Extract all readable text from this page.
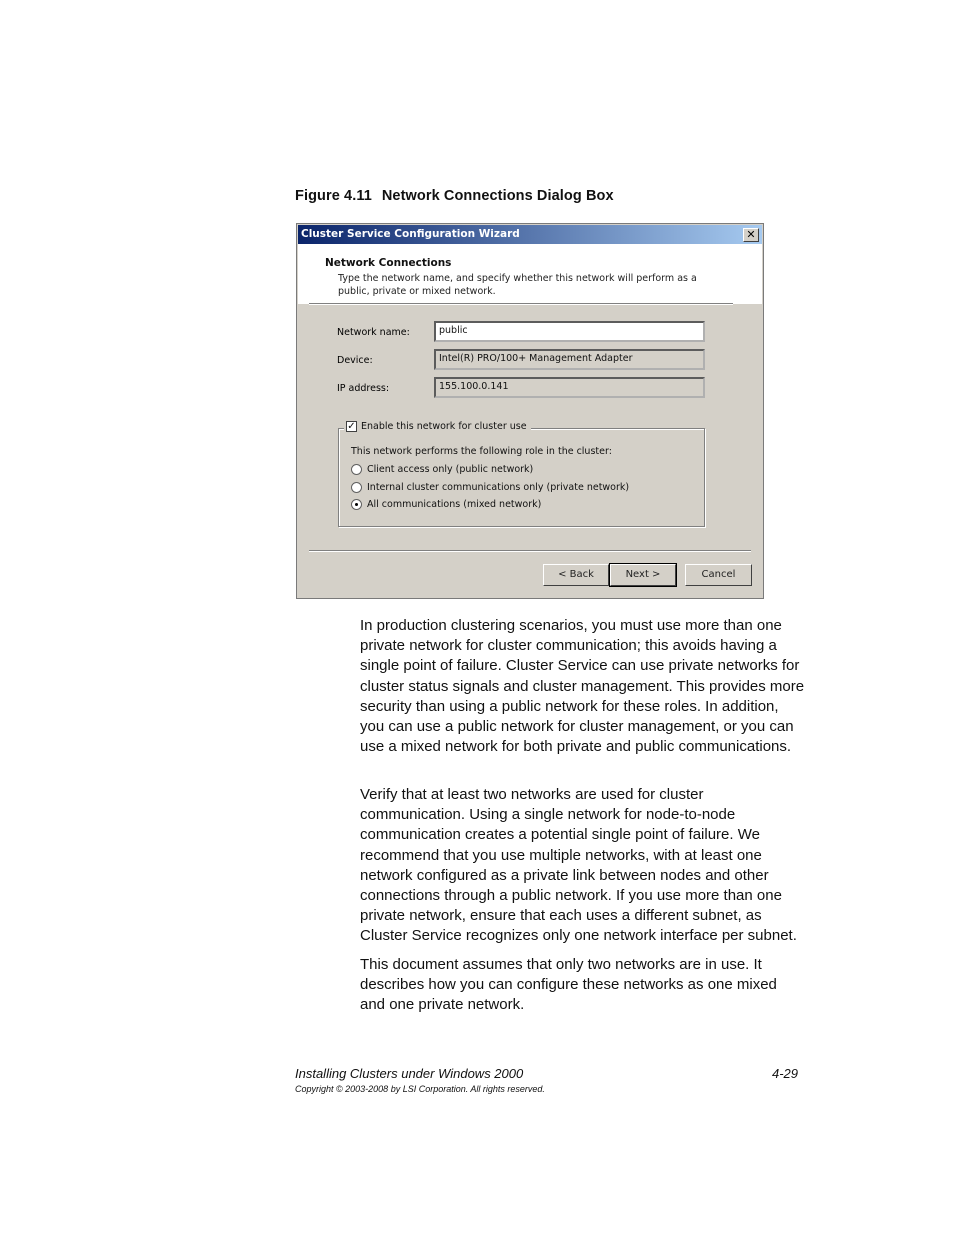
Figure 4.11 Network Connections Dialog Box
Cluster Service Configuration Wizard	✕
Network Connections
Type the network name, and specify whether this network will perform as a public, private or mixed network.
Network name:	public
Device:	Intel(R) PRO/100+ Management Adapter
IP address:	155.100.0.141
✓ Enable this network for cluster use
This network performs the following role in the cluster:
Client access only (public network)
Internal cluster communications only (private network)
All communications (mixed network)
< Back	Next >	Cancel
In production clustering scenarios, you must use more than one private network for cluster communication; this avoids having a single point of failure. Cluster Service can use private networks for cluster status signals and cluster management. This provides more security than using a public network for these roles. In addition, you can use a public network for cluster management, or you can use a mixed network for both private and public communications.
Verify that at least two networks are used for cluster communication. Using a single network for node-to-node communication creates a potential single point of failure. We recommend that you use multiple networks, with at least one network configured as a private link between nodes and other connections through a public network. If you use more than one private network, ensure that each uses a different subnet, as Cluster Service recognizes only one network interface per subnet.
This document assumes that only two networks are in use. It describes how you can configure these networks as one mixed and one private network.
Installing Clusters under Windows 2000	4-29
Copyright © 2003-2008 by LSI Corporation. All rights reserved.
